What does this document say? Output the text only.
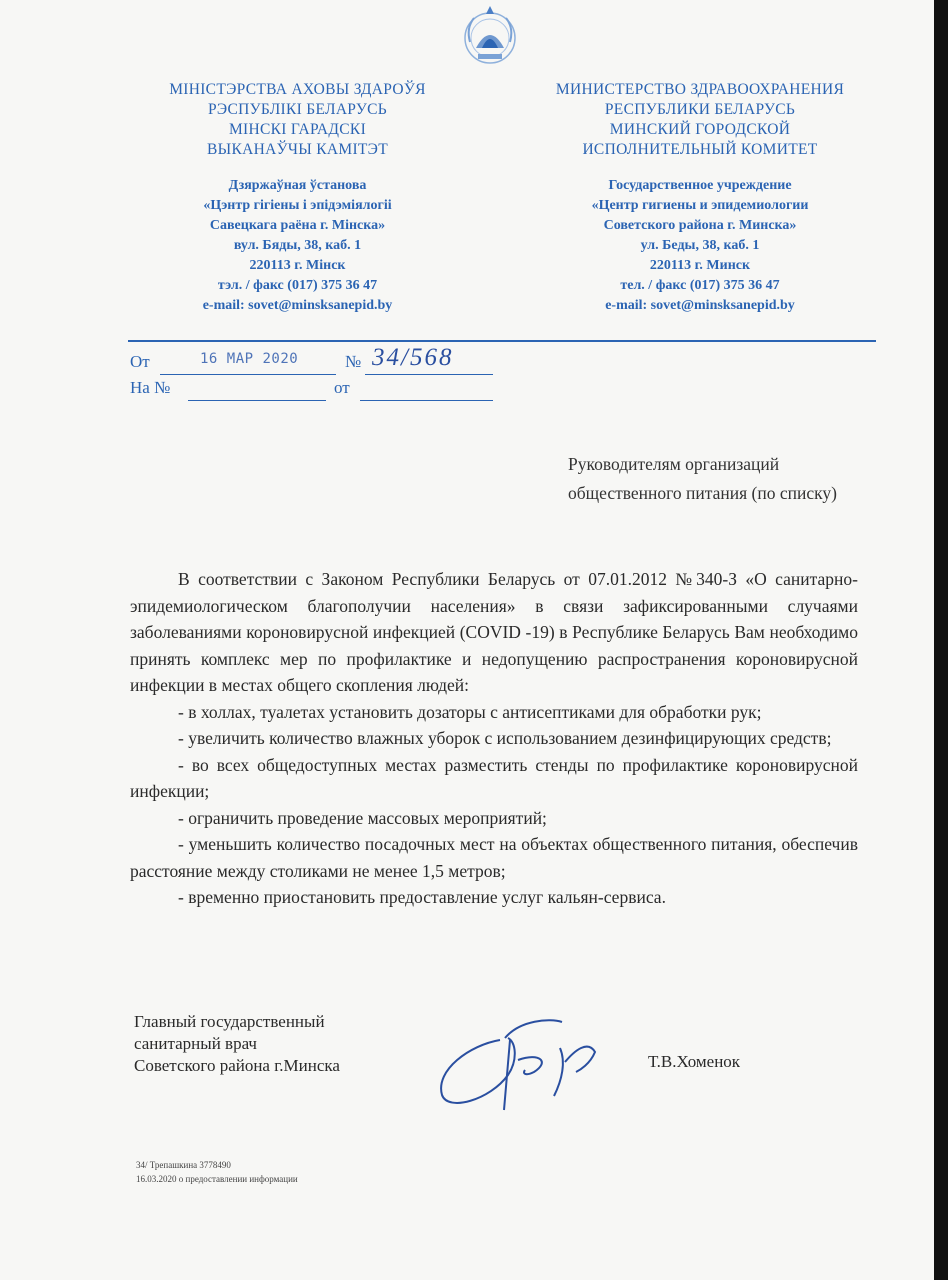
МІНІСТЭРСТВА АХОВЫ ЗДАРОЎЯ
РЭСПУБЛІКІ БЕЛАРУСЬ
МІНСКІ ГАРАДСКІ
ВЫКАНАЎЧЫ КАМІТЭТ
Дзяржаўная ўстанова
«Цэнтр гігіены і эпідэміялогіі
Савецкага раёна г. Мінска»
вул. Бяды, 38, каб. 1
220113 г. Мінск
тэл. / факс (017) 375 36 47
e-mail: sovet@minsksanepid.by
МИНИСТЕРСТВО ЗДРАВООХРАНЕНИЯ
РЕСПУБЛИКИ БЕЛАРУСЬ
МИНСКИЙ ГОРОДСКОЙ
ИСПОЛНИТЕЛЬНЫЙ КОМИТЕТ
Государственное учреждение
«Центр гигиены и эпидемиологии
Советского района г. Минска»
ул. Беды, 38, каб. 1
220113 г. Минск
тел. / факс (017) 375 36 47
e-mail: sovet@minsksanepid.by
От	16 МАР 2020	№ 34/568
На №	от
Руководителям организаций общественного питания (по списку)

В соответствии с Законом Республики Беларусь от 07.01.2012 №340-З «О санитарно-эпидемиологическом благополучии населения» в связи зафиксированными случаями заболеваниями короновирусной инфекцией (COVID -19) в Республике Беларусь Вам необходимо принять комплекс мер по профилактике и недопущению распространения короновирусной инфекции в местах общего скопления людей:

- в холлах, туалетах установить дозаторы с антисептиками для обработки рук;

- увеличить количество влажных уборок с использованием дезинфицирующих средств;

- во всех общедоступных местах разместить стенды по профилактике короновирусной инфекции;

- ограничить проведение массовых мероприятий;

- уменьшить количество посадочных мест на объектах общественного питания, обеспечив расстояние между столиками не менее 1,5 метров;

- временно приостановить предоставление услуг кальян-сервиса.

Главный государственный
санитарный врач
Советского района г.Минска	Т.В.Хоменок
34/ Трепашкина 3778490
16.03.2020 о предоставлении информации
